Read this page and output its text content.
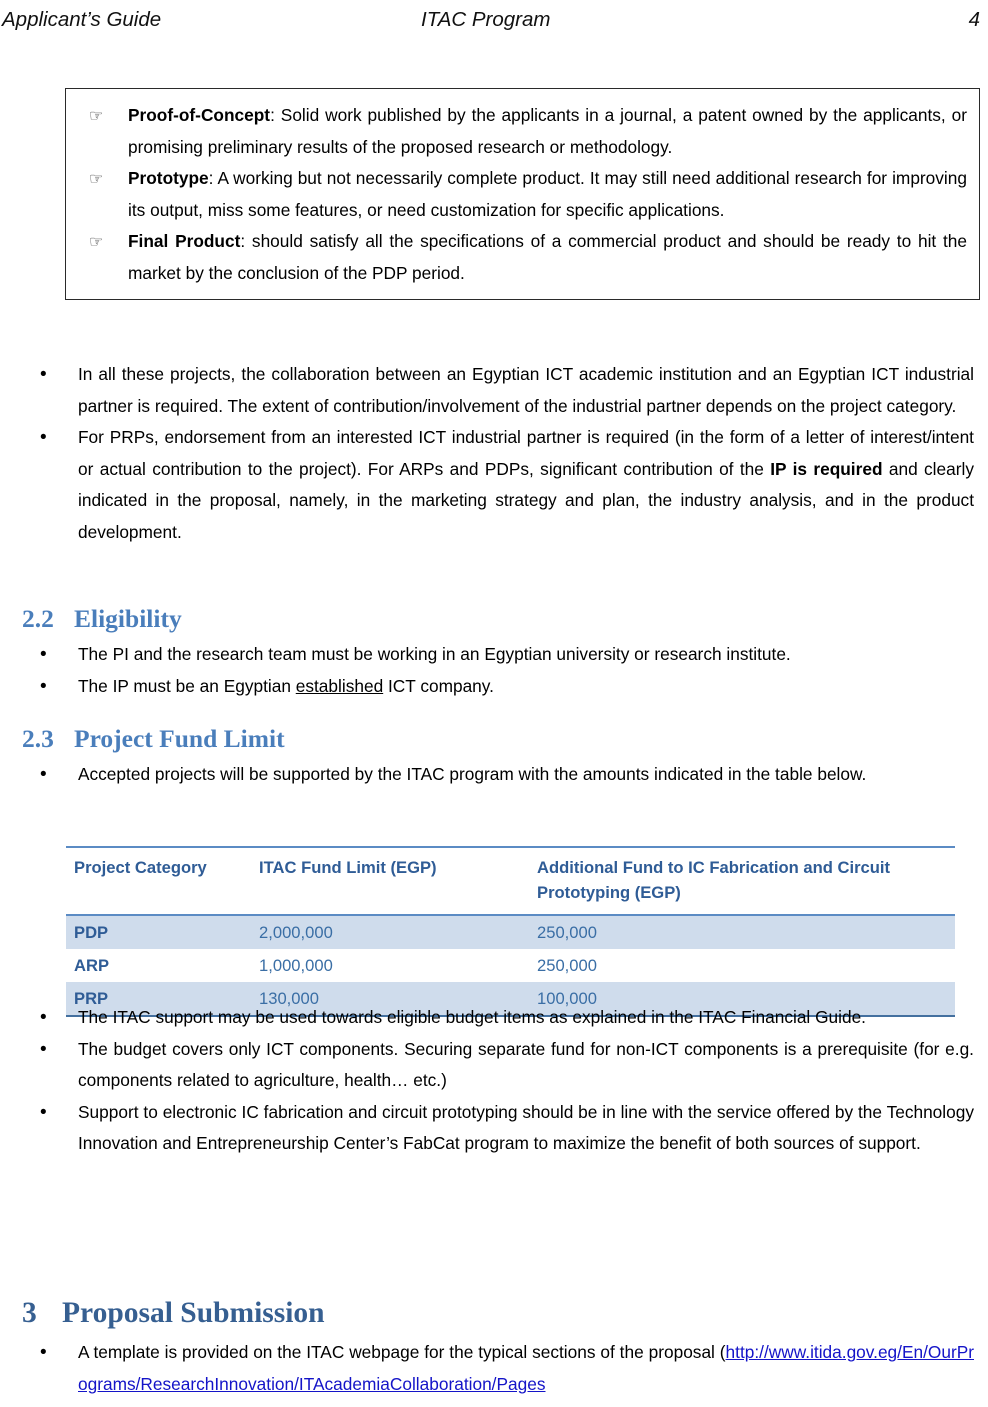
Applicant’s Guide	ITAC Program	4
☞ Proof-of-Concept: Solid work published by the applicants in a journal, a patent owned by the applicants, or promising preliminary results of the proposed research or methodology.
☞ Prototype: A working but not necessarily complete product. It may still need additional research for improving its output, miss some features, or need customization for specific applications.
☞ Final Product: should satisfy all the specifications of a commercial product and should be ready to hit the market by the conclusion of the PDP period.
• In all these projects, the collaboration between an Egyptian ICT academic institution and an Egyptian ICT industrial partner is required. The extent of contribution/involvement of the industrial partner depends on the project category.
• For PRPs, endorsement from an interested ICT industrial partner is required (in the form of a letter of interest/intent or actual contribution to the project). For ARPs and PDPs, significant contribution of the IP is required and clearly indicated in the proposal, namely, in the marketing strategy and plan, the industry analysis, and in the product development.
2.2 Eligibility
• The PI and the research team must be working in an Egyptian university or research institute.
• The IP must be an Egyptian established ICT company.
2.3 Project Fund Limit
• Accepted projects will be supported by the ITAC program with the amounts indicated in the table below.
Project Category	ITAC Fund Limit (EGP)	Additional Fund to IC Fabrication and Circuit Prototyping (EGP)
PDP	2,000,000	250,000
ARP	1,000,000	250,000
PRP	130,000	100,000
• The ITAC support may be used towards eligible budget items as explained in the ITAC Financial Guide.
• The budget covers only ICT components. Securing separate fund for non-ICT components is a prerequisite (for e.g. components related to agriculture, health… etc.)
• Support to electronic IC fabrication and circuit prototyping should be in line with the service offered by the Technology Innovation and Entrepreneurship Center’s FabCat program to maximize the benefit of both sources of support.
3 Proposal Submission
• A template is provided on the ITAC webpage for the typical sections of the proposal (http://www.itida.gov.eg/En/OurPrograms/ResearchInnovation/ITAcademiaCollaboration/Pages
